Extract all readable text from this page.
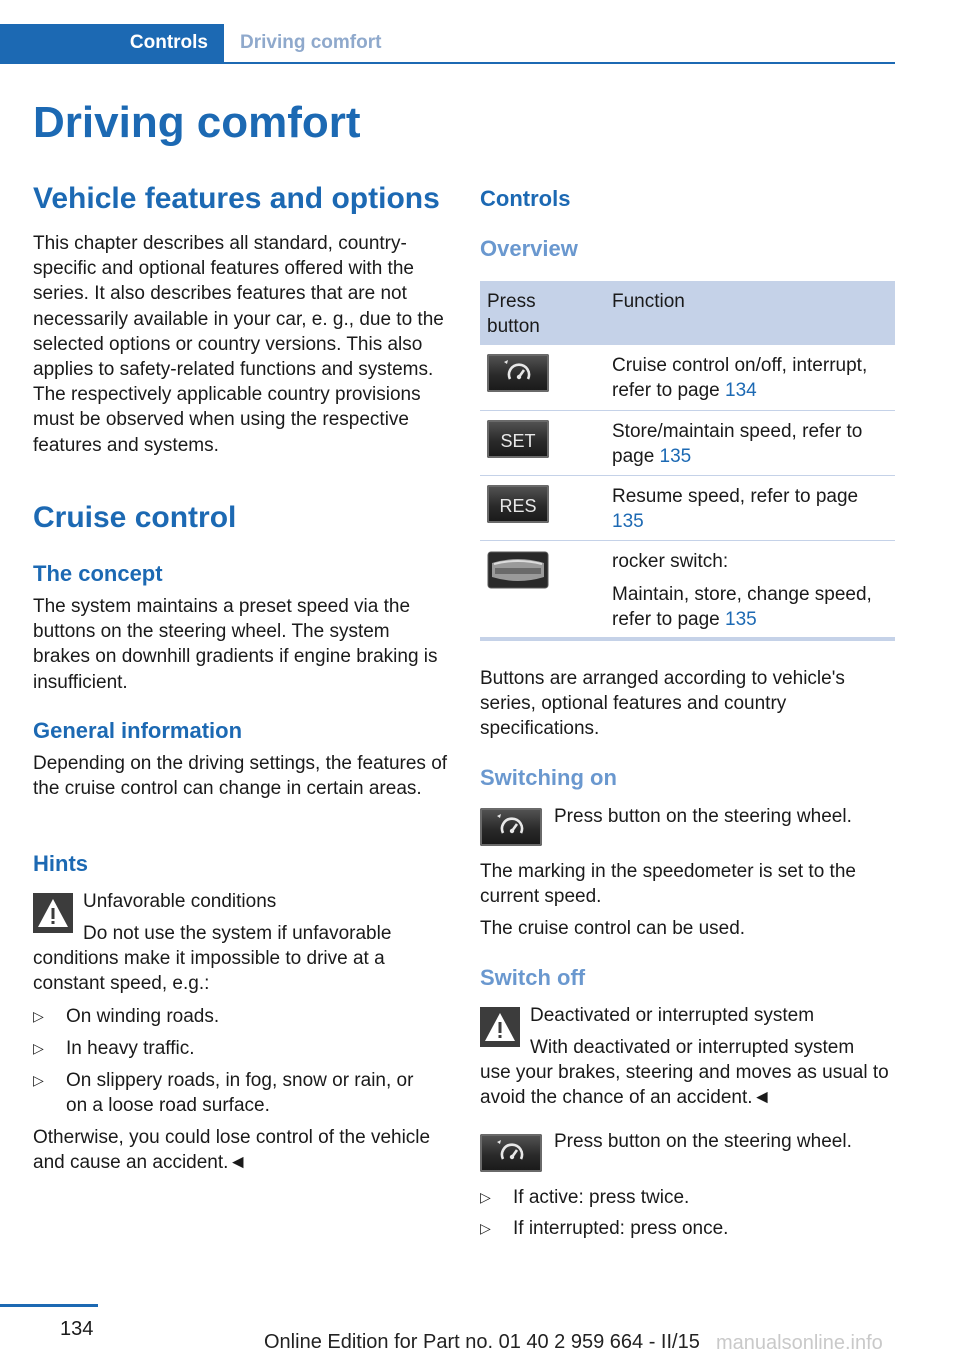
Controls Driving comfort
Driving comfort
Vehicle features and options

This chapter describes all standard, country-specific and optional features offered with the series. It also describes features that are not necessarily available in your car, e. g., due to the selected options or country versions. This also applies to safety-related functions and systems. The respectively applicable country provisions must be observed when using the respective features and systems.

Cruise control
The concept

The system maintains a preset speed via the buttons on the steering wheel. The system brakes on downhill gradients if engine braking is insufficient.

General information

Depending on the driving settings, the features of the cruise control can change in certain areas.

Hints

Unfavorable conditions

Do not use the system if unfavorable

conditions make it impossible to drive at a constant speed, e.g.:

▷ On winding roads.
▷ In heavy traffic.
▷ On slippery roads, in fog, snow or rain, or on a loose road surface.

Otherwise, you could lose control of the vehicle and cause an accident.◄

Controls
Overview
Press button
Function
Cruise control on/off, interrupt, refer to page 134
SET	Store/maintain speed, refer to page 135
RES	Resume speed, refer to page 135
rocker switch:
Maintain, store, change speed, refer to page 135

Buttons are arranged according to vehicle's series, optional features and country specifications.

Switching on

Press button on the steering wheel.

The marking in the speedometer is set to the current speed.

The cruise control can be used.

Switch off

Deactivated or interrupted system

With deactivated or interrupted system

use your brakes, steering and moves as usual to avoid the chance of an accident.◄

Press button on the steering wheel.

▷ If active: press twice.
▷ If interrupted: press once.
134
Online Edition for Part no. 01 40 2 959 664 - II/15 manualsonline.info
